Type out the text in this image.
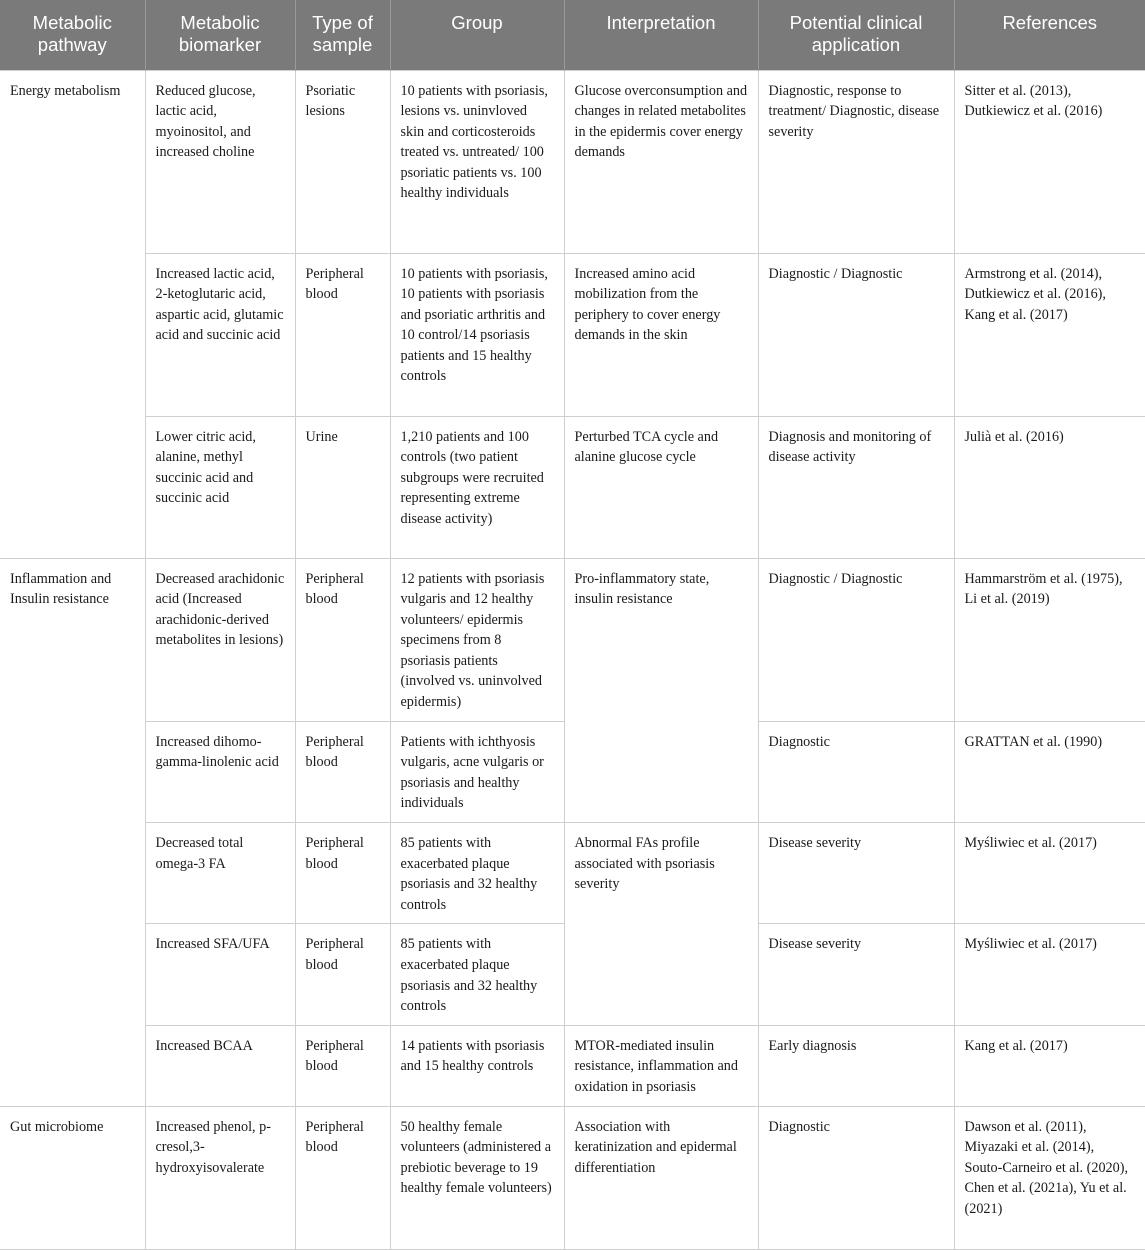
Metabolic pathway	Metabolic biomarker	Type of sample	Group	Interpretation	Potential clinical application	References
Energy metabolism	Reduced glucose, lactic acid, myoinositol, and increased choline	Psoriatic lesions	10 patients with psoriasis, lesions vs. uninvloved skin and corticosteroids treated vs. untreated/ 100 psoriatic patients vs. 100 healthy individuals	Glucose overconsumption and changes in related metabolites in the epidermis cover energy demands	Diagnostic, response to treatment/ Diagnostic, disease severity	Sitter et al. (2013), Dutkiewicz et al. (2016)
	Increased lactic acid, 2-ketoglutaric acid, aspartic acid, glutamic acid and succinic acid	Peripheral blood	10 patients with psoriasis, 10 patients with psoriasis and psoriatic arthritis and 10 control/14 psoriasis patients and 15 healthy controls	Increased amino acid mobilization from the periphery to cover energy demands in the skin	Diagnostic / Diagnostic	Armstrong et al. (2014), Dutkiewicz et al. (2016), Kang et al. (2017)
	Lower citric acid, alanine, methyl succinic acid and succinic acid	Urine	1,210 patients and 100 controls (two patient subgroups were recruited representing extreme disease activity)	Perturbed TCA cycle and alanine glucose cycle	Diagnosis and monitoring of disease activity	Julià et al. (2016)
Inflammation and Insulin resistance	Decreased arachidonic acid (Increased arachidonic-derived metabolites in lesions)	Peripheral blood	12 patients with psoriasis vulgaris and 12 healthy volunteers/ epidermis specimens from 8 psoriasis patients (involved vs. uninvolved epidermis)	Pro-inflammatory state, insulin resistance	Diagnostic / Diagnostic	Hammarström et al. (1975), Li et al. (2019)
	Increased dihomo-gamma-linolenic acid	Peripheral blood	Patients with ichthyosis vulgaris, acne vulgaris or psoriasis and healthy individuals		Diagnostic	GRATTAN et al. (1990)
	Decreased total omega-3 FA	Peripheral blood	85 patients with exacerbated plaque psoriasis and 32 healthy controls	Abnormal FAs profile associated with psoriasis severity	Disease severity	Myśliwiec et al. (2017)
	Increased SFA/UFA	Peripheral blood	85 patients with exacerbated plaque psoriasis and 32 healthy controls		Disease severity	Myśliwiec et al. (2017)
	Increased BCAA	Peripheral blood	14 patients with psoriasis and 15 healthy controls	MTOR-mediated insulin resistance, inflammation and oxidation in psoriasis	Early diagnosis	Kang et al. (2017)
Gut microbiome	Increased phenol, p-cresol,3-hydroxyisovalerate	Peripheral blood	50 healthy female volunteers (administered a prebiotic beverage to 19 healthy female volunteers)	Association with keratinization and epidermal differentiation	Diagnostic	Dawson et al. (2011), Miyazaki et al. (2014), Souto-Carneiro et al. (2020), Chen et al. (2021a), Yu et al. (2021)
